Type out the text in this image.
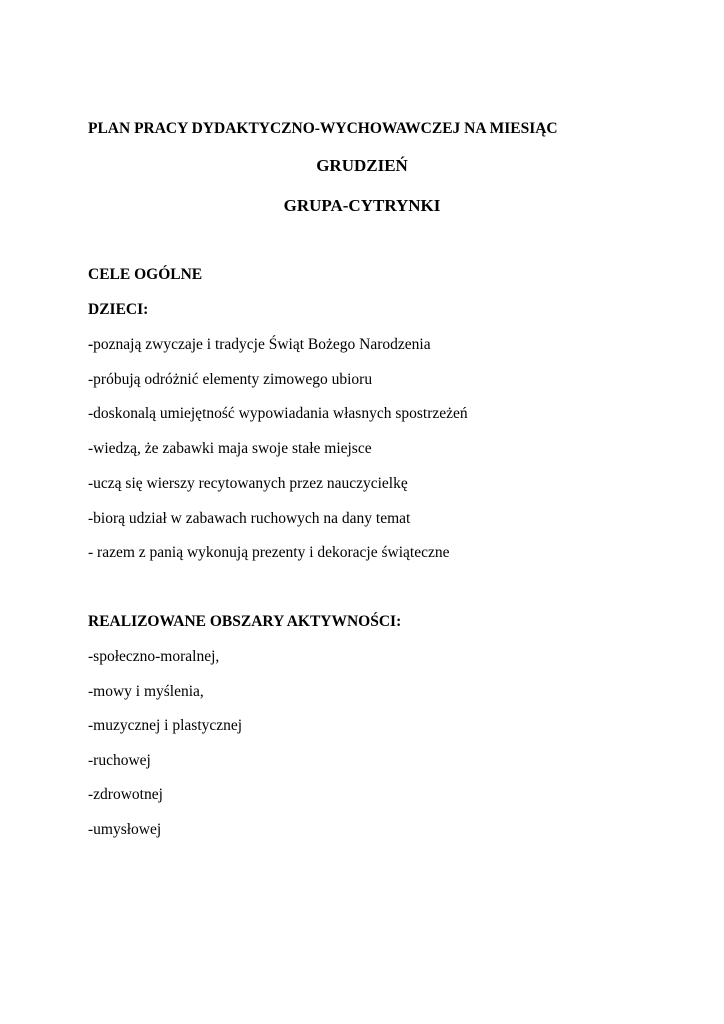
PLAN PRACY DYDAKTYCZNO-WYCHOWAWCZEJ NA MIESIĄC
GRUDZIEŃ
GRUPA-CYTRYNKI
CELE OGÓLNE
DZIECI:
-poznają zwyczaje i tradycje Świąt Bożego Narodzenia
-próbują odróżnić elementy zimowego ubioru
-doskonalą umiejętność wypowiadania własnych spostrzeżeń
-wiedzą, że zabawki maja swoje stałe miejsce
-uczą się wierszy recytowanych przez nauczycielkę
-biorą udział w zabawach ruchowych na dany temat
- razem z panią wykonują prezenty i dekoracje świąteczne
REALIZOWANE OBSZARY AKTYWNOŚCI:
-społeczno-moralnej,
-mowy i myślenia,
-muzycznej i plastycznej
-ruchowej
-zdrowotnej
-umysłowej
